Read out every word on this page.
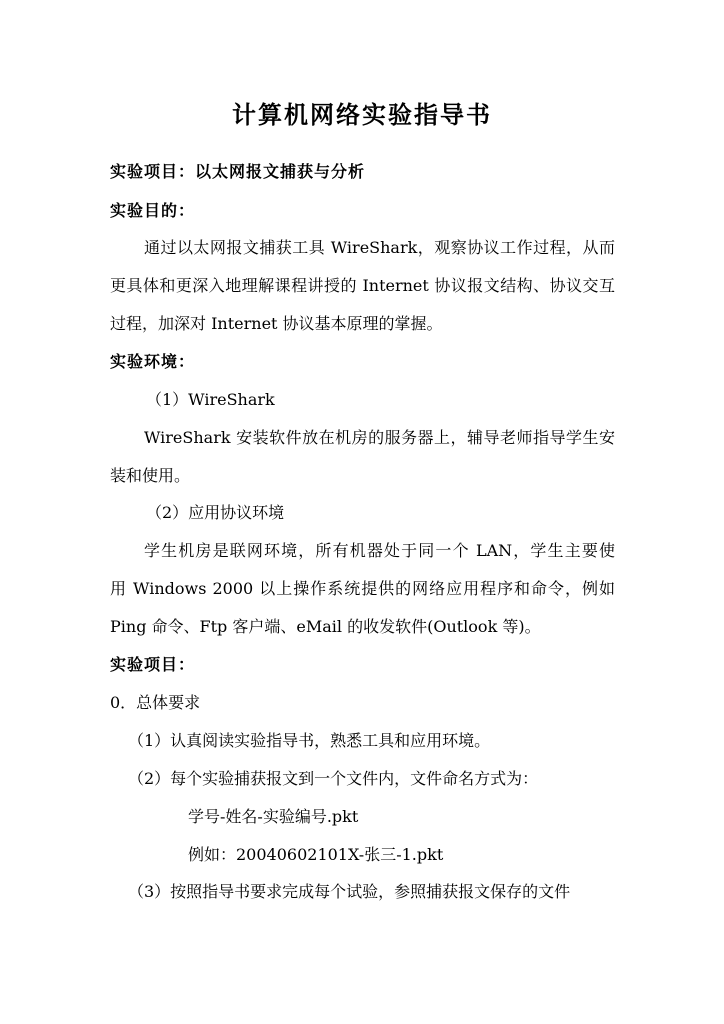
计算机网络实验指导书
实验项目：以太网报文捕获与分析
实验目的：
通过以太网报文捕获工具 WireShark，观察协议工作过程，从而
更具体和更深入地理解课程讲授的 Internet 协议报文结构、协议交互
过程，加深对 Internet 协议基本原理的掌握。
实验环境：
（1）WireShark
WireShark 安装软件放在机房的服务器上，辅导老师指导学生安
装和使用。
（2）应用协议环境
学生机房是联网环境，所有机器处于同一个 LAN，学生主要使
用 Windows 2000 以上操作系统提供的网络应用程序和命令，例如
Ping 命令、Ftp 客户端、eMail 的收发软件(Outlook 等)。
实验项目：
0．总体要求
（1）认真阅读实验指导书，熟悉工具和应用环境。
（2）每个实验捕获报文到一个文件内，文件命名方式为：
学号-姓名-实验编号.pkt
例如：20040602101X-张三-1.pkt
（3）按照指导书要求完成每个试验，参照捕获报文保存的文件
